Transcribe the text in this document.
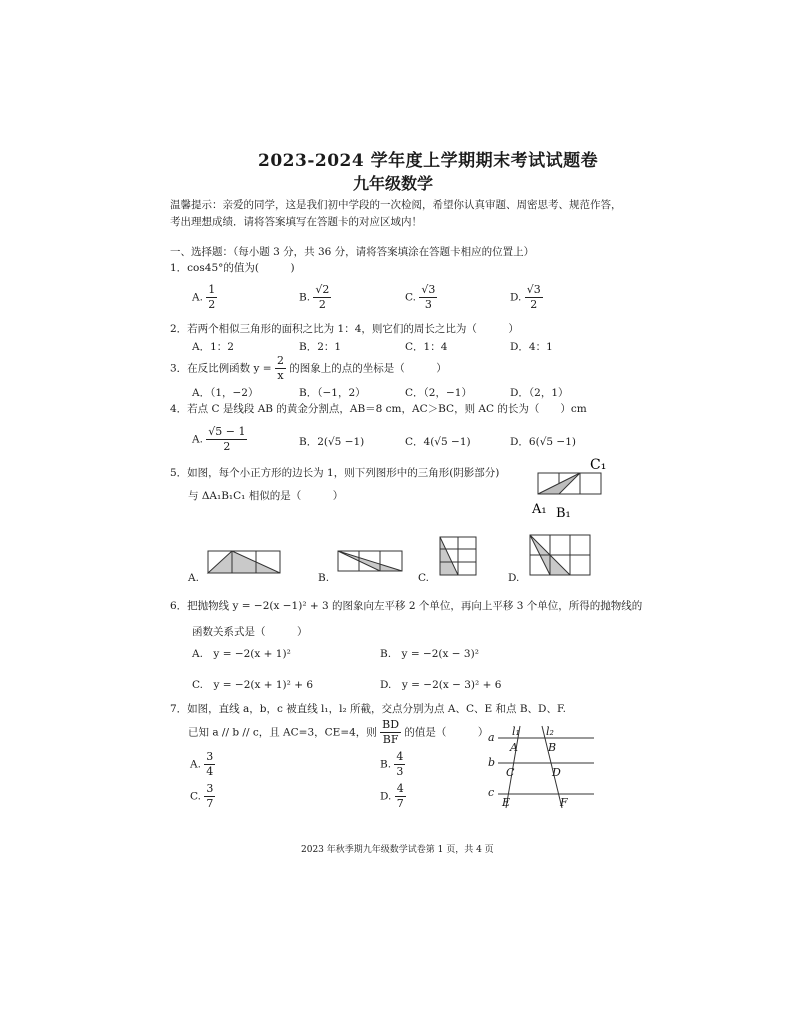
2023-2024 学年度上学期期末考试试题卷
九年级数学
温馨提示：亲爱的同学，这是我们初中学段的一次检阅，希望你认真审题、周密思考、规范作答，
考出理想成绩．请将答案填写在答题卡的对应区域内！
一、选择题：（每小题 3 分，共 36 分，请将答案填涂在答题卡相应的位置上）
1．cos45°的值为(　　　)
A. $\frac{1}{2}$	B. $\frac{√2}{2}$	C. $\frac{√3}{3}$	D. $\frac{√3}{2}$
2．若两个相似三角形的面积之比为 1：4，则它们的周长之比为（　　　）
A．1：2	B．2：1	C．1：4	D．4：1
3．在反比例函数 $y = \frac{2}{x}$ 的图象上的点的坐标是（　　　）
A．（1，−2）	B．（−1，2）	C．（2，−1）	D．（2，1）
4．若点 C 是线段 AB 的黄金分割点，AB＝8 cm，AC＞BC，则 AC 的长为（　　）cm
A. $\frac{√5 - 1}{2}$	B．2(√5 −1)	C．4(√5 −1)	D．6(√5 −1)
5．如图，每个小正方形的边长为 1，则下列图形中的三角形(阴影部分)
与 ΔA₁B₁C₁ 相似的是（　　　）
C₁
A₁ B₁
A.	B.	C.	D.
6．把抛物线 y = −2(x −1)² + 3 的图象向左平移 2 个单位，再向上平移 3 个单位，所得的抛物线的
函数关系式是（　　　）
A.　y = −2(x + 1)²	B.　y = −2(x − 3)²
C.　y = −2(x + 1)² + 6	D.　y = −2(x − 3)² + 6
7．如图，直线 a，b，c 被直线 l₁，l₂ 所截，交点分别为点 A、C、E 和点 B、D、F.
已知 a // b // c，且 AC=3，CE=4，则 $\frac{BD}{BF}$ 的值是（　　　）
A. $\frac{3}{4}$	B. $\frac{4}{3}$
C. $\frac{3}{7}$	D. $\frac{4}{7}$
a
b
c
l₁ l₂
A	B
C	D
E	F
2023 年秋季期九年级数学试卷第 1 页，共 4 页
